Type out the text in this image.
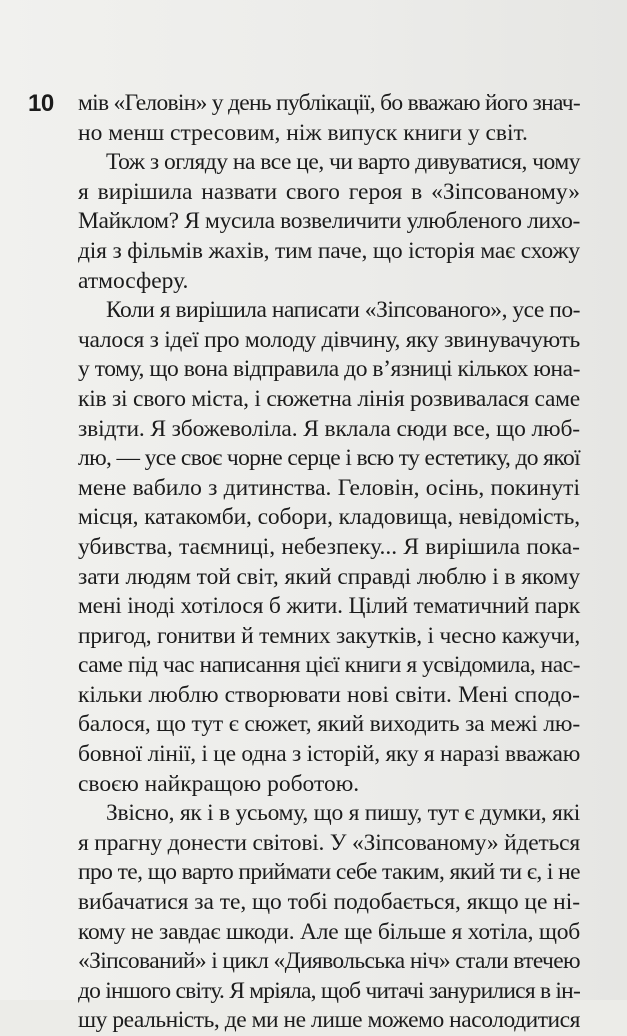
10 мів «Геловін» у день публікації, бо вважаю його знач-
но менш стресовим, ніж випуск книги у світ.
Тож з огляду на все це, чи варто дивуватися, чому
я вирішила назвати свого героя в «Зіпсованому»
Майклом? Я мусила возвеличити улюбленого лихо-
дія з фільмів жахів, тим паче, що історія має схожу
атмосферу.
Коли я вирішила написати «Зіпсованого», усе по-
чалося з ідеї про молоду дівчину, яку звинувачують
у тому, що вона відправила до в’язниці кількох юна-
ків зі свого міста, і сюжетна лінія розвивалася саме
звідти. Я збожеволіла. Я вклала сюди все, що люб-
лю, — усе своє чорне серце і всю ту естетику, до якої
мене вабило з дитинства. Геловін, осінь, покинуті
місця, катакомби, собори, кладовища, невідомість,
убивства, таємниці, небезпеку... Я вирішила пока-
зати людям той світ, який справді люблю і в якому
мені іноді хотілося б жити. Цілий тематичний парк
пригод, гонитви й темних закутків, і чесно кажучи,
саме під час написання цієї книги я усвідомила, нас-
кільки люблю створювати нові світи. Мені сподо-
балося, що тут є сюжет, який виходить за межі лю-
бовної лінії, і це одна з історій, яку я наразі вважаю
своєю найкращою роботою.
Звісно, як і в усьому, що я пишу, тут є думки, які
я прагну донести світові. У «Зіпсованому» йдеться
про те, що варто приймати себе таким, який ти є, і не
вибачатися за те, що тобі подобається, якщо це ні-
кому не завдає шкоди. Але ще більше я хотіла, щоб
«Зіпсований» і цикл «Диявольська ніч» стали втечею
до іншого світу. Я мріяла, щоб читачі занурилися в ін-
шу реальність, де ми не лише можемо насолодитися
